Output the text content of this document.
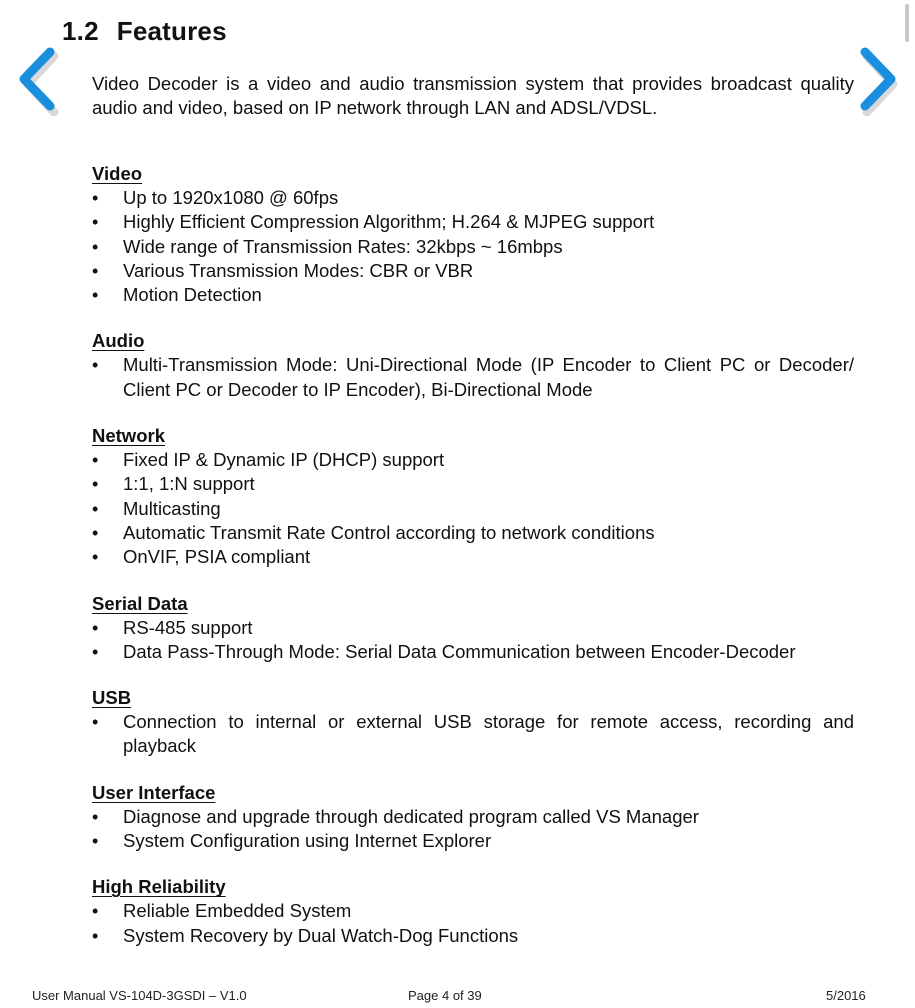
1.2 Features

Video Decoder is a video and audio transmission system that provides broadcast quality audio and video, based on IP network through LAN and ADSL/VDSL.

Video
•	Up to 1920x1080 @ 60fps
•	Highly Efficient Compression Algorithm; H.264 & MJPEG support
•	Wide range of Transmission Rates: 32kbps ~ 16mbps
•	Various Transmission Modes: CBR or VBR
•	Motion Detection
Audio
•	Multi-Transmission Mode: Uni-Directional Mode (IP Encoder to Client PC or Decoder/ Client PC or Decoder to IP Encoder), Bi-Directional Mode
Network
•	Fixed IP & Dynamic IP (DHCP) support
•	1:1, 1:N support
•	Multicasting
•	Automatic Transmit Rate Control according to network conditions
•	OnVIF, PSIA compliant
Serial Data
•	RS-485 support
•	Data Pass-Through Mode: Serial Data Communication between Encoder-Decoder
USB
•	Connection to internal or external USB storage for remote access, recording and playback
User Interface
•	Diagnose and upgrade through dedicated program called VS Manager
•	System Configuration using Internet Explorer
High Reliability
•	Reliable Embedded System
•	System Recovery by Dual Watch-Dog Functions
User Manual VS-104D-3GSDI – V1.0	Page 4 of 39	5/2016
